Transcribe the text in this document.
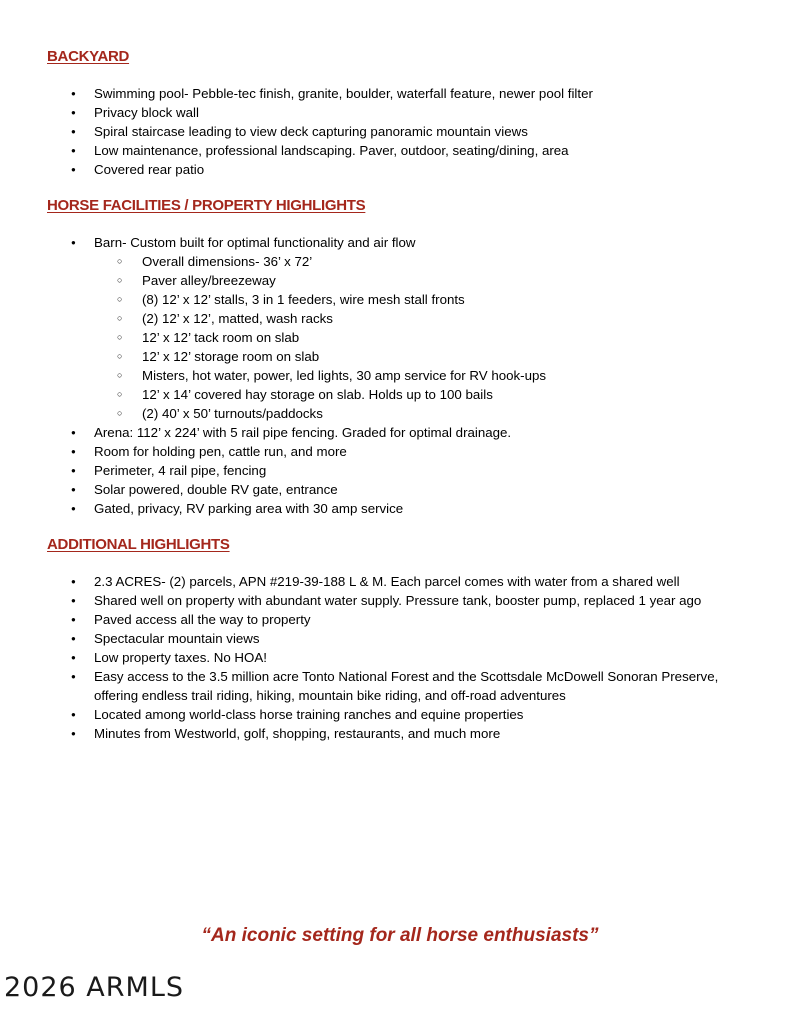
BACKYARD
● Swimming pool- Pebble-tec finish, granite, boulder, waterfall feature, newer pool filter
● Privacy block wall
● Spiral staircase leading to view deck capturing panoramic mountain views
● Low maintenance, professional landscaping. Paver, outdoor, seating/dining, area
● Covered rear patio
HORSE FACILITIES / PROPERTY HIGHLIGHTS
● Barn- Custom built for optimal functionality and air flow
○ Overall dimensions- 36’ x 72’
○ Paver alley/breezeway
○ (8) 12’ x 12’ stalls, 3 in 1 feeders, wire mesh stall fronts
○ (2) 12’ x 12’, matted, wash racks
○ 12’ x 12’ tack room on slab
○ 12’ x 12’ storage room on slab
○ Misters, hot water, power, led lights, 30 amp service for RV hook-ups
○ 12’ x 14’ covered hay storage on slab. Holds up to 100 bails
○ (2) 40’ x 50’ turnouts/paddocks
● Arena: 112’ x 224’ with 5 rail pipe fencing. Graded for optimal drainage.
● Room for holding pen, cattle run, and more
● Perimeter, 4 rail pipe, fencing
● Solar powered, double RV gate, entrance
● Gated, privacy, RV parking area with 30 amp service
ADDITIONAL HIGHLIGHTS
● 2.3 ACRES- (2) parcels, APN #219-39-188 L & M. Each parcel comes with water from a shared well
● Shared well on property with abundant water supply. Pressure tank, booster pump, replaced 1 year ago
● Paved access all the way to property
● Spectacular mountain views
● Low property taxes. No HOA!
● Easy access to the 3.5 million acre Tonto National Forest and the Scottsdale McDowell Sonoran Preserve, offering endless trail riding, hiking, mountain bike riding, and off-road adventures
● Located among world-class horse training ranches and equine properties
● Minutes from Westworld, golf, shopping, restaurants, and much more
“An iconic setting for all horse enthusiasts”
2026 ARMLS
